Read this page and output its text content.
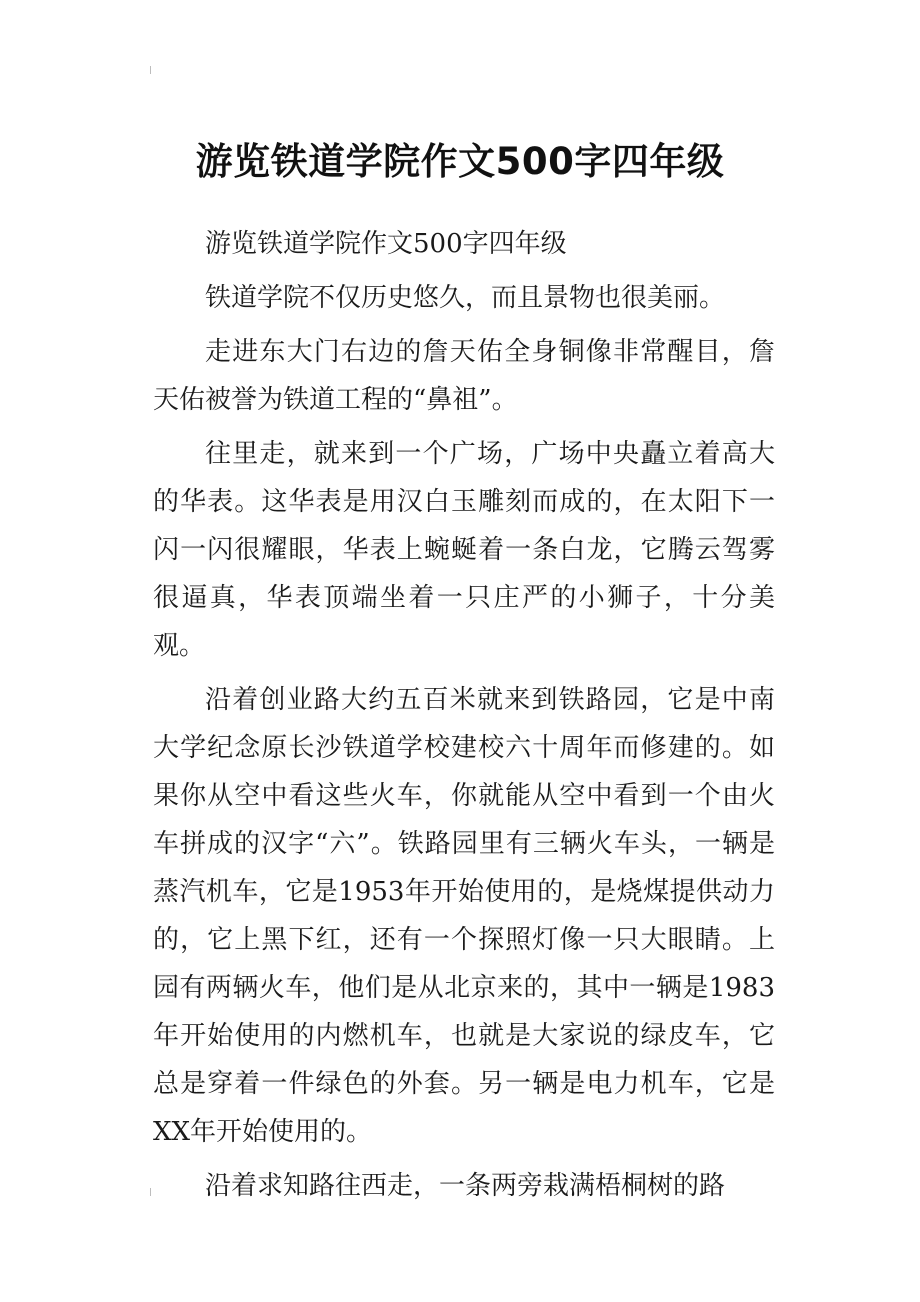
游览铁道学院作文500字四年级

游览铁道学院作文500字四年级

铁道学院不仅历史悠久，而且景物也很美丽。

走进东大门右边的詹天佑全身铜像非常醒目，詹天佑被誉为铁道工程的“鼻祖”。

往里走，就来到一个广场，广场中央矗立着高大的华表。这华表是用汉白玉雕刻而成的，在太阳下一闪一闪很耀眼，华表上蜿蜒着一条白龙，它腾云驾雾很逼真，华表顶端坐着一只庄严的小狮子，十分美观。

沿着创业路大约五百米就来到铁路园，它是中南大学纪念原长沙铁道学校建校六十周年而修建的。如果你从空中看这些火车，你就能从空中看到一个由火车拼成的汉字“六”。铁路园里有三辆火车头，一辆是蒸汽机车，它是1953年开始使用的，是烧煤提供动力的，它上黑下红，还有一个探照灯像一只大眼睛。上园有两辆火车，他们是从北京来的，其中一辆是1983年开始使用的内燃机车，也就是大家说的绿皮车，它总是穿着一件绿色的外套。另一辆是电力机车，它是XX年开始使用的。

沿着求知路往西走，一条两旁栽满梧桐树的路
